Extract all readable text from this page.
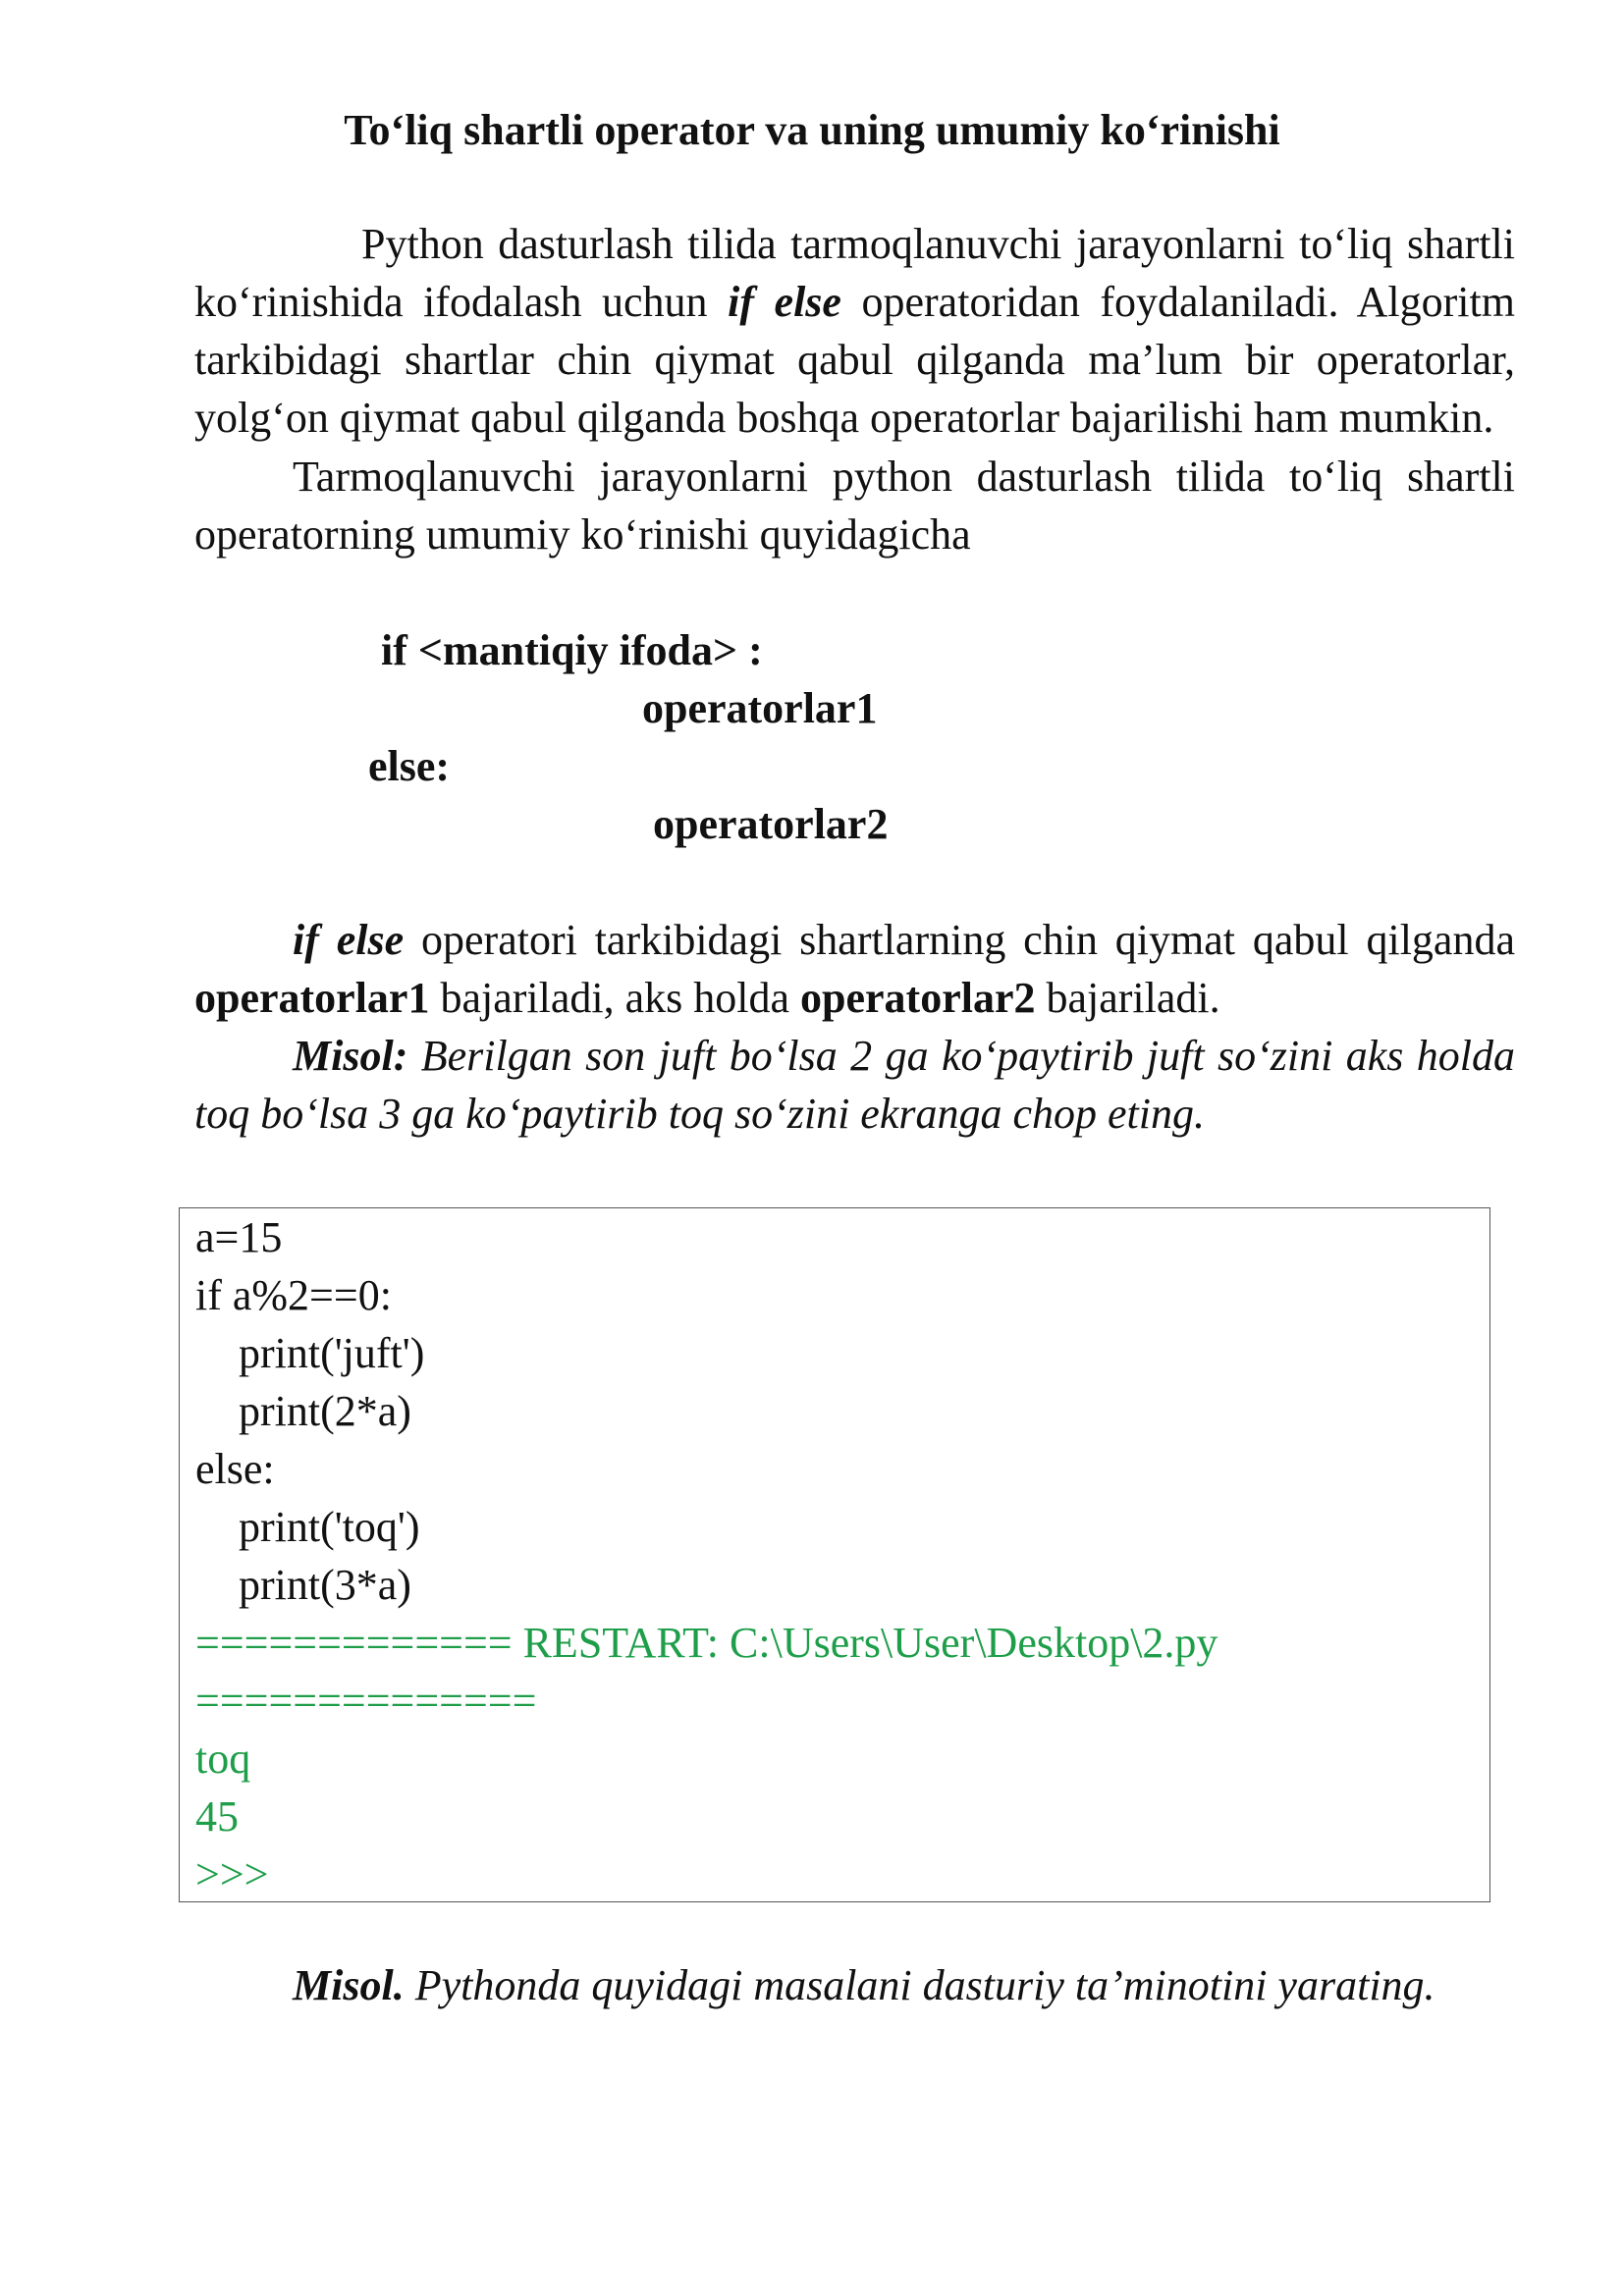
To‘liq shartli operator va uning umumiy ko‘rinishi

Python dasturlash tilida tarmoqlanuvchi jarayonlarni to‘liq shartli ko‘rinishida ifodalash uchun if else operatoridan foydalaniladi. Algoritm tarkibidagi shartlar chin qiymat qabul qilganda ma’lum bir operatorlar, yolg‘on qiymat qabul qilganda boshqa operatorlar bajarilishi ham mumkin.

Tarmoqlanuvchi jarayonlarni python dasturlash tilida to‘liq shartli operatorning umumiy ko‘rinishi quyidagicha

if <mantiqiy ifoda> :

operatorlar1

else:

operatorlar2

if else operatori tarkibidagi shartlarning chin qiymat qabul qilganda operatorlar1 bajariladi, aks holda operatorlar2 bajariladi.

Misol: Berilgan son juft bo‘lsa 2 ga ko‘paytirib juft so‘zini aks holda toq bo‘lsa 3 ga ko‘paytirib toq so‘zini ekranga chop eting.

a=15

if a%2==0:

print('juft')

print(2*a)

else:

print('toq')

print(3*a)

============= RESTART: C:\Users\User\Desktop\2.py

==============

toq

45

>>>

Misol. Pythonda quyidagi masalani dasturiy ta’minotini yarating.
